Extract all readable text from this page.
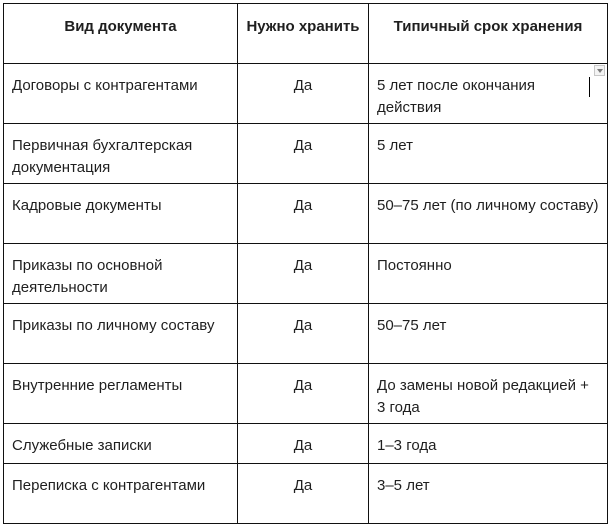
Вид документа	Нужно хранить	Типичный срок хранения
Договоры с контрагентами	Да	5 лет после окончания действия

Первичная бухгалтерская документация	Да	5 лет
Кадровые документы	Да	50–75 лет (по личному составу)
Приказы по основной деятельности	Да	Постоянно
Приказы по личному составу	Да	50–75 лет
Внутренние регламенты	Да	До замены новой редакцией + 3 года
Служебные записки	Да	1–3 года
Переписка с контрагентами	Да	3–5 лет
